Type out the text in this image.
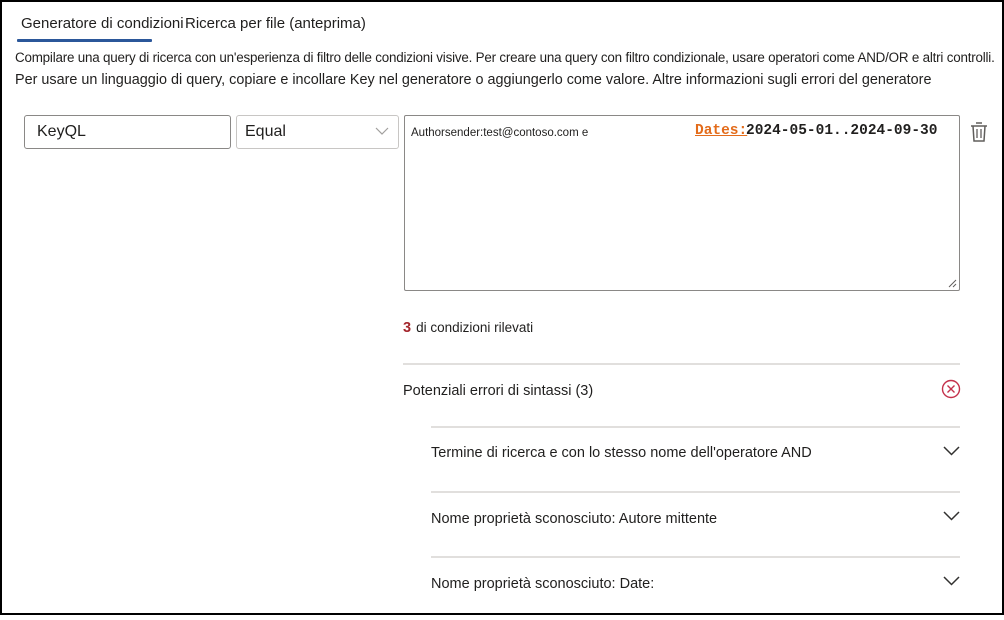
Generatore di condizioni Ricerca per file (anteprima)
Compilare una query di ricerca con un'esperienza di filtro delle condizioni visive. Per creare una query con filtro condizionale, usare operatori come AND/OR e altri controlli.
Per usare un linguaggio di query, copiare e incollare Key nel generatore o aggiungerlo come valore. Altre informazioni sugli errori del generatore
KeyQL	Equal	Authorsender:test@contoso.com e	Dates:
2024-05-01..2024-09-30
3 di condizioni rilevati
Potenziali errori di sintassi (3)
Termine di ricerca e con lo stesso nome dell'operatore AND
Nome proprietà sconosciuto: Autore mittente
Nome proprietà sconosciuto: Date:
